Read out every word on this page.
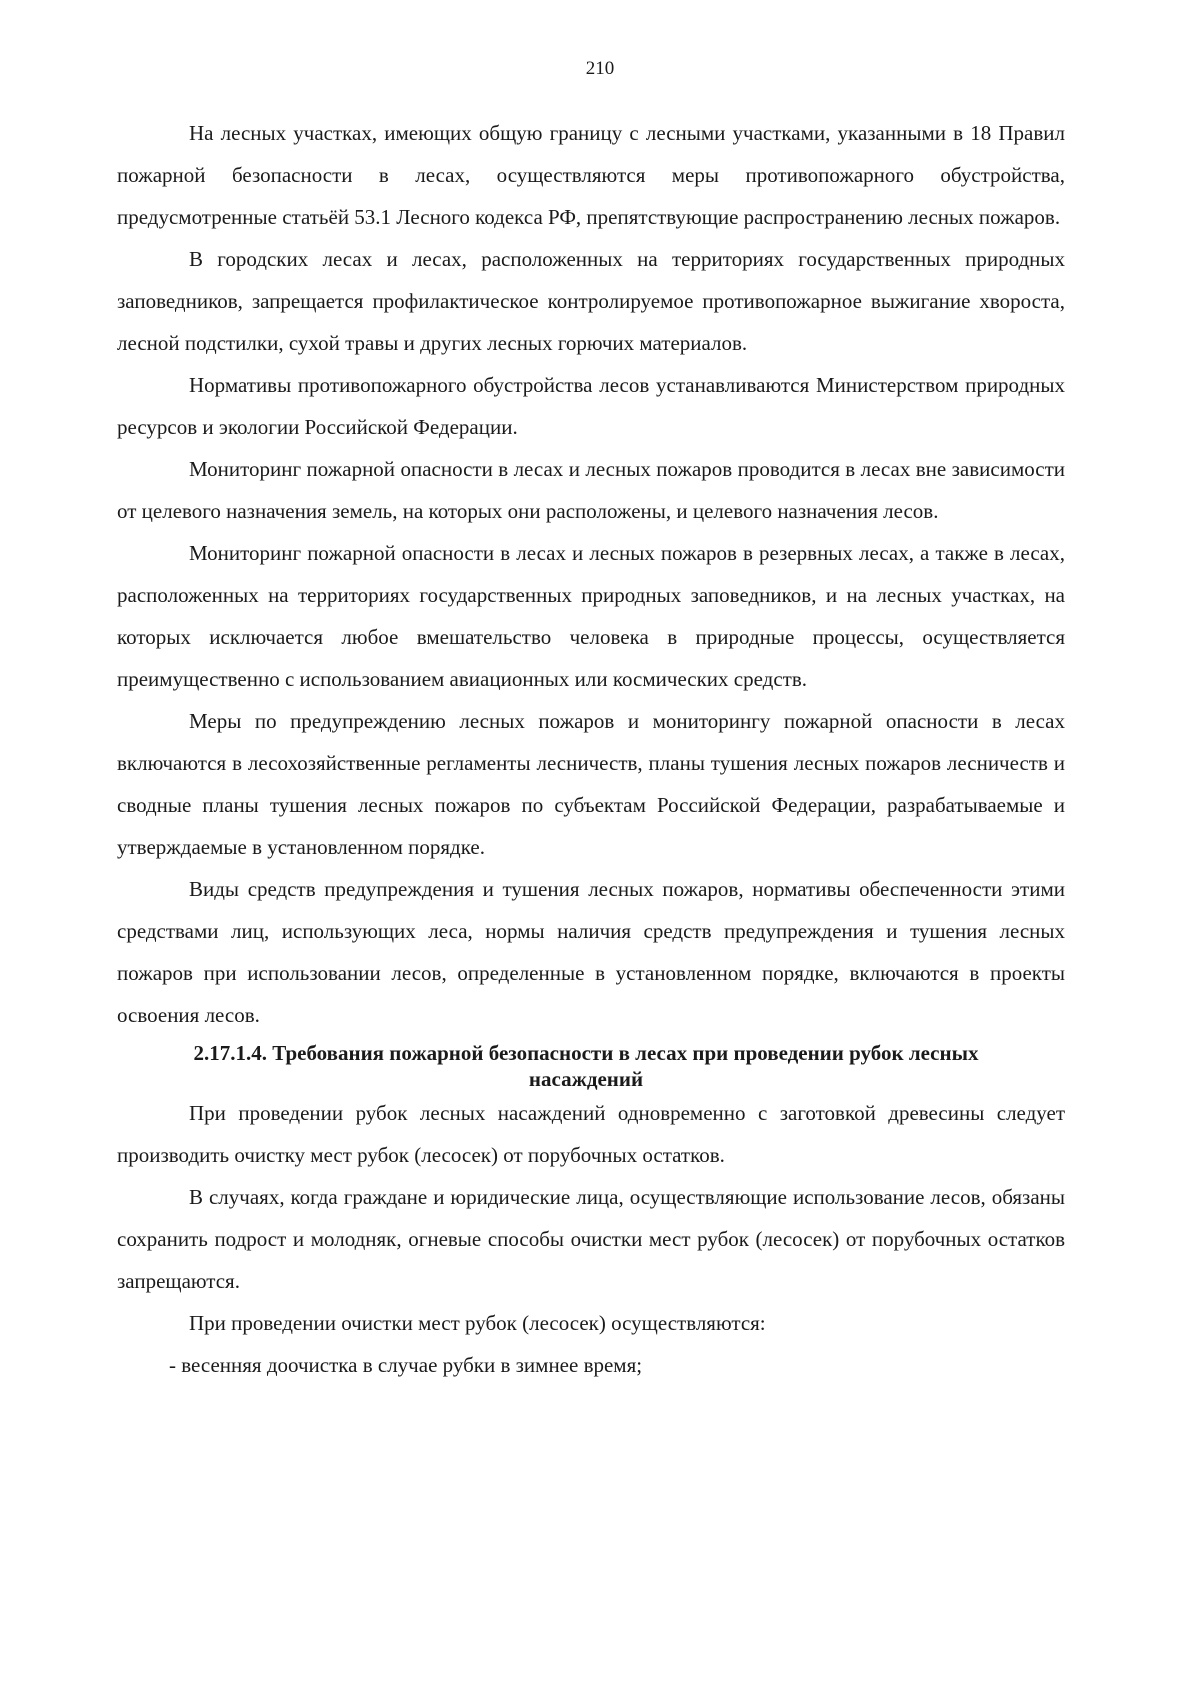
210

На лесных участках, имеющих общую границу с лесными участками, указанными в 18 Правил пожарной безопасности в лесах, осуществляются меры противопожарного обустройства, предусмотренные статьёй 53.1 Лесного кодекса РФ, препятствующие распространению лесных пожаров.

В городских лесах и лесах, расположенных на территориях государственных природных заповедников, запрещается профилактическое контролируемое противопожарное выжигание хвороста, лесной подстилки, сухой травы и других лесных горючих материалов.

Нормативы противопожарного обустройства лесов устанавливаются Министерством природных ресурсов и экологии Российской Федерации.

Мониторинг пожарной опасности в лесах и лесных пожаров проводится в лесах вне зависимости от целевого назначения земель, на которых они расположены, и целевого назначения лесов.

Мониторинг пожарной опасности в лесах и лесных пожаров в резервных лесах, а также в лесах, расположенных на территориях государственных природных заповедников, и на лесных участках, на которых исключается любое вмешательство человека в природные процессы, осуществляется преимущественно с использованием авиационных или космических средств.

Меры по предупреждению лесных пожаров и мониторингу пожарной опасности в лесах включаются в лесохозяйственные регламенты лесничеств, планы тушения лесных пожаров лесничеств и сводные планы тушения лесных пожаров по субъектам Российской Федерации, разрабатываемые и утверждаемые в установленном порядке.

Виды средств предупреждения и тушения лесных пожаров, нормативы обеспеченности этими средствами лиц, использующих леса, нормы наличия средств предупреждения и тушения лесных пожаров при использовании лесов, определенные в установленном порядке, включаются в проекты освоения лесов.

2.17.1.4. Требования пожарной безопасности в лесах при проведении рубок лесных насаждений

При проведении рубок лесных насаждений одновременно с заготовкой древесины следует производить очистку мест рубок (лесосек) от порубочных остатков.

В случаях, когда граждане и юридические лица, осуществляющие использование лесов, обязаны сохранить подрост и молодняк, огневые способы очистки мест рубок (лесосек) от порубочных остатков запрещаются.

При проведении очистки мест рубок (лесосек) осуществляются:

- весенняя доочистка в случае рубки в зимнее время;
